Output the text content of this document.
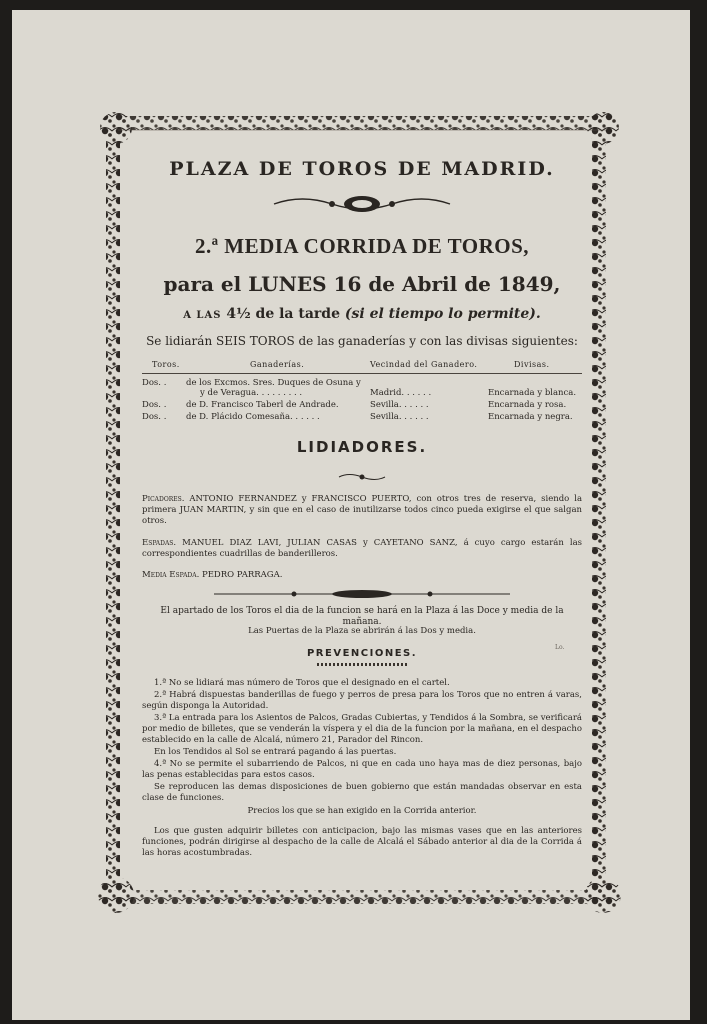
PLAZA DE TOROS DE MADRID.
2.ª MEDIA CORRIDA DE TOROS,
para el LUNES 16 de Abril de 1849,
A LAS 4½ de la tarde (si el tiempo lo permite).
Se lidiarán SEIS TOROS de las ganaderías y con las divisas siguientes:
Toros.	Ganaderías.	Vecindad del Ganadero.	Divisas.
Dos. . de los Excmos. Sres. Duques de Osuna y
y de Veragua. . . . . . . . .	Madrid. . . . . .	Encarnada y blanca.
Dos. . de D. Francisco Taberl de Andrade.	Sevilla. . . . . .	Encarnada y rosa.
Dos. . de D. Plácido Comesaña. . . . . .	Sevilla. . . . . .	Encarnada y negra.
LIDIADORES.
Picadores. ANTONIO FERNANDEZ y FRANCISCO PUERTO, con otros tres de reserva, siendo la primera JUAN MARTIN, y sin que en el caso de inutilizarse todos cinco pueda exigirse el que salgan otros.
Espadas. MANUEL DIAZ LAVI, JULIAN CASAS y CAYETANO SANZ, á cuyo cargo estarán las correspondientes cuadrillas de banderilleros.
Media Espada. PEDRO PARRAGA.
El apartado de los Toros el dia de la funcion se hará en la Plaza á las Doce y media de la mañana.
Las Puertas de la Plaza se abrirán á las Dos y media.
Lo.
PREVENCIONES.
1.ª No se lidiará mas número de Toros que el designado en el cartel.
2.ª Habrá dispuestas banderillas de fuego y perros de presa para los Toros que no entren á varas, según disponga la Autoridad.
3.ª La entrada para los Asientos de Palcos, Gradas Cubiertas, y Tendidos á la Sombra, se verificará por medio de billetes, que se venderán la víspera y el dia de la funcion por la mañana, en el despacho establecido en la calle de Alcalá, número 21, Parador del Rincon.
En los Tendidos al Sol se entrará pagando á las puertas.
4.ª No se permite el subarriendo de Palcos, ni que en cada uno haya mas de diez personas, bajo las penas establecidas para estos casos.
Se reproducen las demas disposiciones de buen gobierno que están mandadas observar en esta clase de funciones.
Precios los que se han exigido en la Corrida anterior.
Los que gusten adquirir billetes con anticipacion, bajo las mismas vases que en las anteriores funciones, podrán dirigirse al despacho de la calle de Alcalá el Sábado anterior al dia de la Corrida á las horas acostumbradas.
